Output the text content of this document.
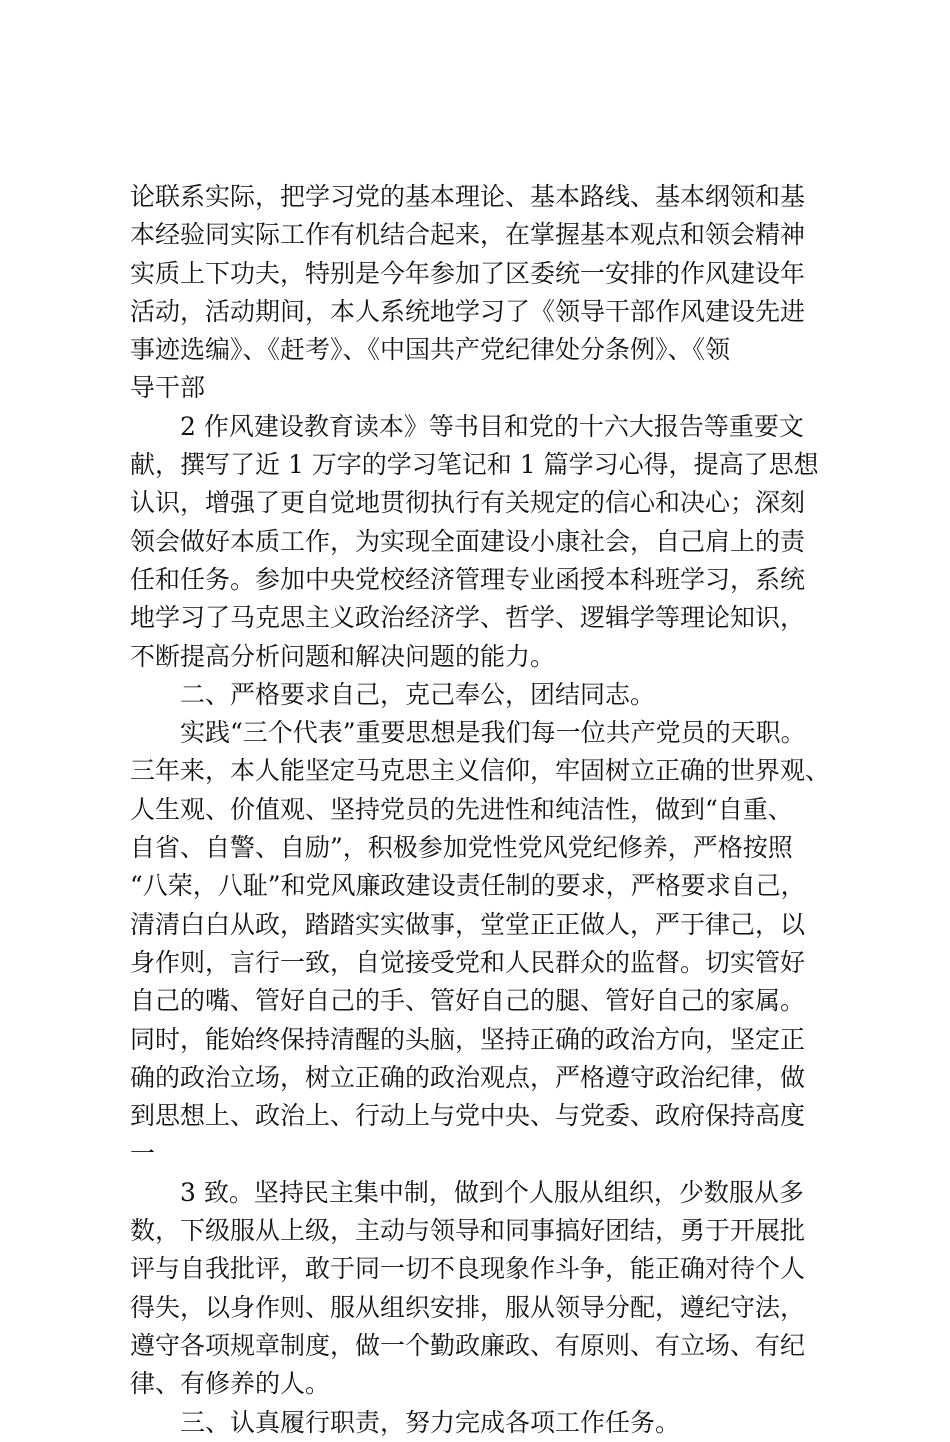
论联系实际，把学习党的基本理论、基本路线、基本纲领和基
本经验同实际工作有机结合起来，在掌握基本观点和领会精神
实质上下功夫，特别是今年参加了区委统一安排的作风建设年
活动，活动期间，本人系统地学习了《领导干部作风建设先进
事迹选编》、《赶考》、《中国共产党纪律处分条例》、《领
导干部
2 作风建设教育读本》等书目和党的十六大报告等重要文
献，撰写了近 1 万字的学习笔记和 1 篇学习心得，提高了思想
认识，增强了更自觉地贯彻执行有关规定的信心和决心；深刻
领会做好本质工作，为实现全面建设小康社会，自己肩上的责
任和任务。参加中央党校经济管理专业函授本科班学习，系统
地学习了马克思主义政治经济学、哲学、逻辑学等理论知识，
不断提高分析问题和解决问题的能力。
二、严格要求自己，克己奉公，团结同志。
实践“三个代表”重要思想是我们每一位共产党员的天职。
三年来，本人能坚定马克思主义信仰，牢固树立正确的世界观、
人生观、价值观、坚持党员的先进性和纯洁性，做到“自重、
自省、自警、自励”，积极参加党性党风党纪修养，严格按照
“八荣，八耻”和党风廉政建设责任制的要求，严格要求自己，
清清白白从政，踏踏实实做事，堂堂正正做人，严于律己，以
身作则，言行一致，自觉接受党和人民群众的监督。切实管好
自己的嘴、管好自己的手、管好自己的腿、管好自己的家属。
同时，能始终保持清醒的头脑，坚持正确的政治方向，坚定正
确的政治立场，树立正确的政治观点，严格遵守政治纪律，做
到思想上、政治上、行动上与党中央、与党委、政府保持高度
一
3 致。坚持民主集中制，做到个人服从组织，少数服从多
数，下级服从上级，主动与领导和同事搞好团结，勇于开展批
评与自我批评，敢于同一切不良现象作斗争，能正确对待个人
得失，以身作则、服从组织安排，服从领导分配，遵纪守法，
遵守各项规章制度，做一个勤政廉政、有原则、有立场、有纪
律、有修养的人。
三、认真履行职责，努力完成各项工作任务。
